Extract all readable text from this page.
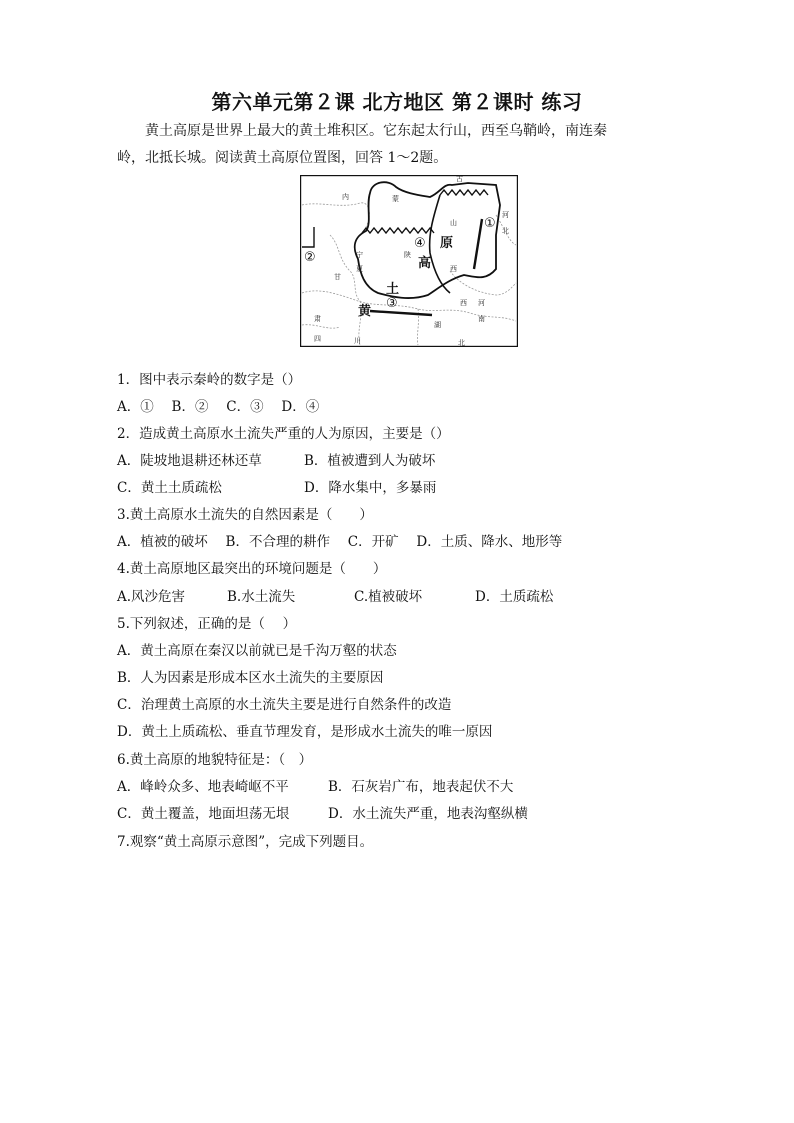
第六单元第２课 北方地区 第２课时 练习
黄土高原是世界上最大的黄土堆积区。它东起太行山，西至乌鞘岭，南连秦
岭，北抵长城。阅读黄土高原位置图，回答 1～2题。
内	蒙
古
山
西
河
北
宁
夏
甘
肃
陕
西 河
南
四	川
湖
北
黄
土
高
原
①
②
③
④
1．图中表示秦岭的数字是（）
A．①　 B．②　 C．③　 D．④
2．造成黄土高原水土流失严重的人为原因，主要是（）
A．陡坡地退耕还林还草	B．植被遭到人为破坏
C．黄土土质疏松	D．降水集中，多暴雨
3.黄土高原水土流失的自然因素是（　　）
A．植被的破坏　 B．不合理的耕作　 C．开矿　 D．土质、降水、地形等
4.黄土高原地区最突出的环境问题是（　　）
A.风沙危害	B.水土流失	C.植被破坏	D．土质疏松
5.下列叙述，正确的是（　 ）
A．黄土高原在秦汉以前就已是千沟万壑的状态
B．人为因素是形成本区水土流失的主要原因
C．治理黄土高原的水土流失主要是进行自然条件的改造
D．黄土上质疏松、垂直节理发育，是形成水土流失的唯一原因
6.黄土高原的地貌特征是：（　）
A．峰岭众多、地表崎岖不平	B．石灰岩广布，地表起伏不大
C．黄土覆盖，地面坦荡无垠	D．水土流失严重，地表沟壑纵横
7.观察“黄土高原示意图”，完成下列题目。
